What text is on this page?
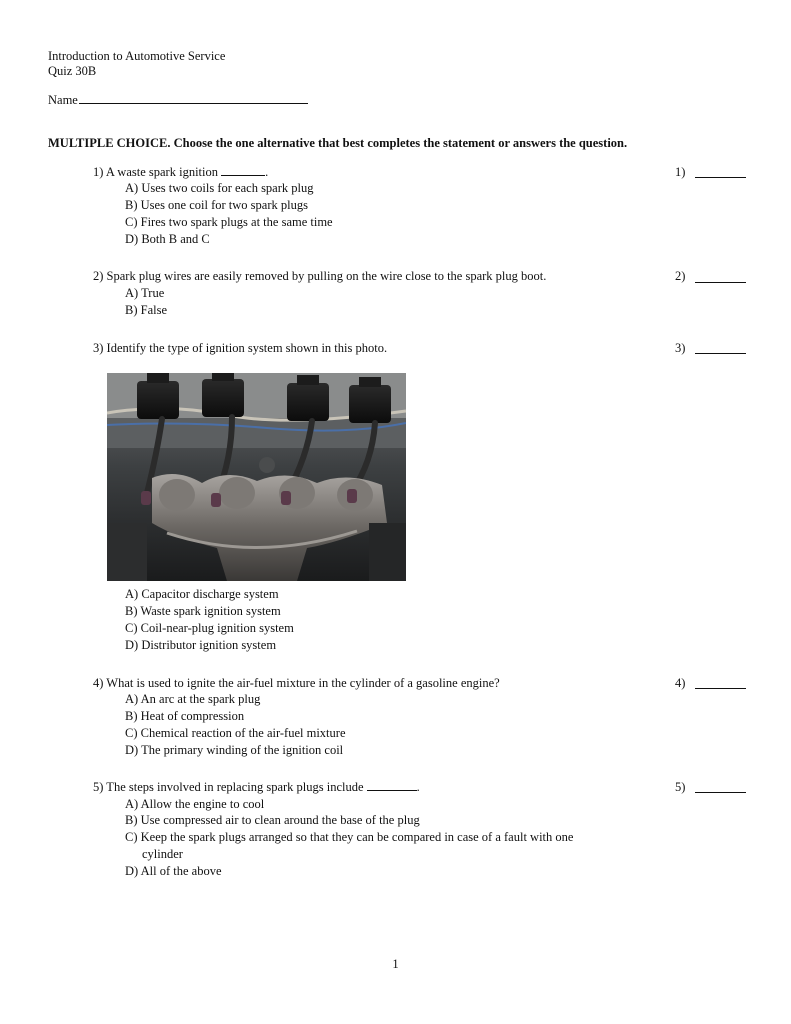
Introduction to Automotive Service
Quiz 30B
Name
MULTIPLE CHOICE. Choose the one alternative that best completes the statement or answers the question.
1) A waste spark ignition	.	1)
A) Uses two coils for each spark plug
B) Uses one coil for two spark plugs
C) Fires two spark plugs at the same time
D) Both B and C
2) Spark plug wires are easily removed by pulling on the wire close to the spark plug boot.	2)
A) True
B) False
3) Identify the type of ignition system shown in this photo.	3)
A) Capacitor discharge system
B) Waste spark ignition system
C) Coil-near-plug ignition system
D) Distributor ignition system
4) What is used to ignite the air-fuel mixture in the cylinder of a gasoline engine?	4)
A) An arc at the spark plug
B) Heat of compression
C) Chemical reaction of the air-fuel mixture
D) The primary winding of the ignition coil
5) The steps involved in replacing spark plugs include	.	5)
A) Allow the engine to cool
B) Use compressed air to clean around the base of the plug
C) Keep the spark plugs arranged so that they can be compared in case of a fault with one
cylinder
D) All of the above
1
